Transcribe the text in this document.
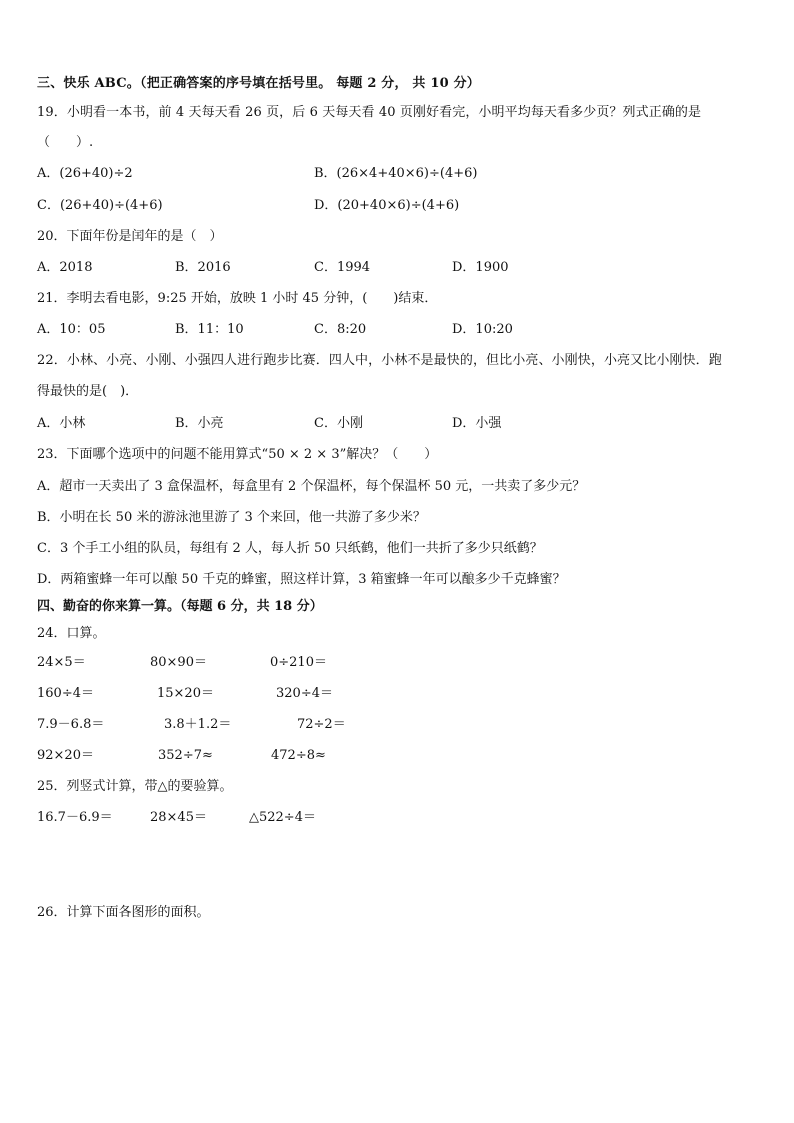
三、快乐 ABC。（把正确答案的序号填在括号里。 每题 2 分， 共 10 分）
19．小明看一本书，前 4 天每天看 26 页，后 6 天每天看 40 页刚好看完，小明平均每天看多少页？列式正确的是
（　　）.
A．(26+40)÷2	B．(26×4+40×6)÷(4+6)
C．(26+40)÷(4+6)	D．(20+40×6)÷(4+6)
20．下面年份是闰年的是（　）
A．2018	B．2016	C．1994	D．1900
21．李明去看电影，9:25 开始，放映 1 小时 45 分钟，(　　)结束．
A．10：05	B．11：10	C．8:20	D．10:20
22．小林、小亮、小刚、小强四人进行跑步比赛．四人中，小林不是最快的，但比小亮、小刚快，小亮又比小刚快．跑
得最快的是(　)．
A．小林	B．小亮	C．小刚	D．小强
23．下面哪个选项中的问题不能用算式“50 × 2 × 3”解决？（　　）
A．超市一天卖出了 3 盒保温杯，每盒里有 2 个保温杯，每个保温杯 50 元，一共卖了多少元？
B．小明在长 50 米的游泳池里游了 3 个来回，他一共游了多少米？
C．3 个手工小组的队员，每组有 2 人，每人折 50 只纸鹤，他们一共折了多少只纸鹤？
D．两箱蜜蜂一年可以酿 50 千克的蜂蜜，照这样计算，3 箱蜜蜂一年可以酿多少千克蜂蜜？
四、勤奋的你来算一算。（每题 6 分，共 18 分）
24．口算。
24×5＝	80×90＝	0÷210＝
160÷4＝	15×20＝	320÷4＝
7.9－6.8＝	3.8＋1.2＝	72÷2＝
92×20＝	352÷7≈	472÷8≈
25．列竖式计算，带△的要验算。
16.7－6.9＝	28×45＝	△522÷4＝
26．计算下面各图形的面积。
